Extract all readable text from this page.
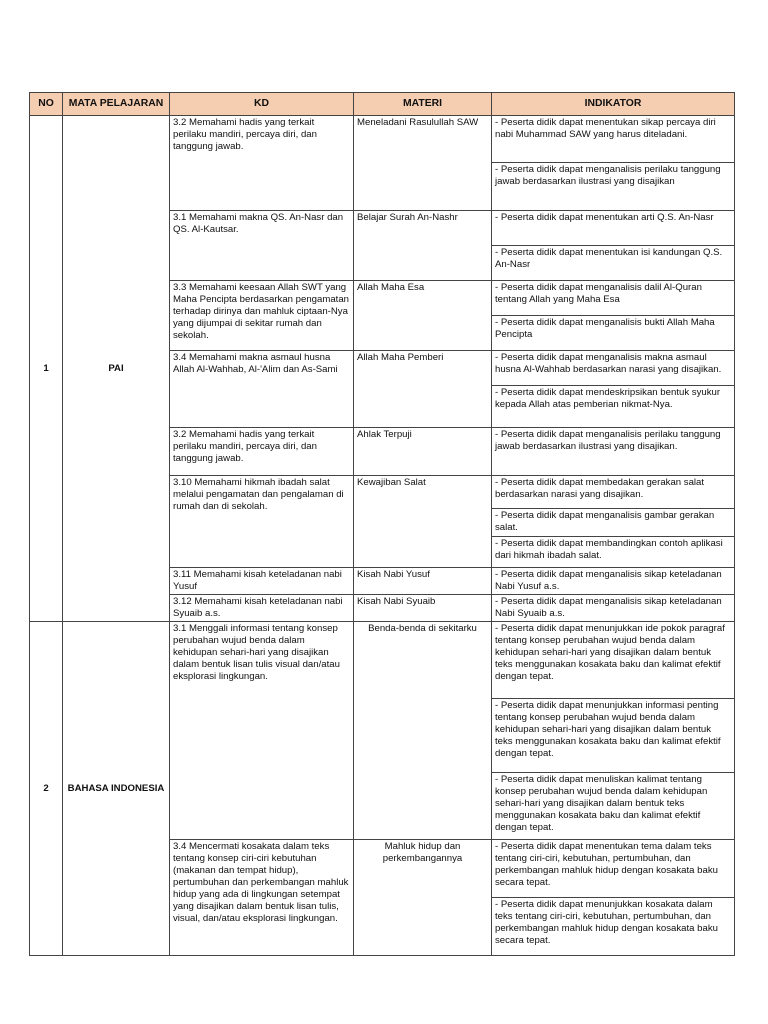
NO	MATA PELAJARAN	KD	MATERI	INDIKATOR
1	PAI	3.2 Memahami hadis yang terkait perilaku mandiri, percaya diri, dan tanggung jawab.	Meneladani Rasulullah SAW	- Peserta didik dapat menentukan sikap percaya diri nabi Muhammad SAW yang harus diteladani.
				- Peserta didik dapat menganalisis perilaku tanggung jawab berdasarkan ilustrasi yang disajikan
		3.1 Memahami makna QS. An-Nasr dan QS. Al-Kautsar.	Belajar Surah An-Nashr	- Peserta didik dapat menentukan arti Q.S. An-Nasr
				- Peserta didik dapat menentukan isi kandungan Q.S. An-Nasr
		3.3 Memahami keesaan Allah SWT yang Maha Pencipta berdasarkan pengamatan terhadap dirinya dan mahluk ciptaan-Nya yang dijumpai di sekitar rumah dan sekolah.	Allah Maha Esa	- Peserta didik dapat menganalisis dalil Al-Quran tentang Allah yang Maha Esa
				- Peserta didik dapat menganalisis bukti Allah Maha Pencipta
		3.4 Memahami makna asmaul husna Allah Al-Wahhab, Al-'Alim dan As-Sami	Allah Maha Pemberi	- Peserta didik dapat menganalisis makna asmaul husna Al-Wahhab berdasarkan narasi yang disajikan.
				- Peserta didik dapat mendeskripsikan bentuk syukur kepada Allah atas pemberian nikmat-Nya.
		3.2 Memahami hadis yang terkait perilaku mandiri, percaya diri, dan tanggung jawab.	Ahlak Terpuji	- Peserta didik dapat menganalisis perilaku tanggung jawab berdasarkan ilustrasi yang disajikan.
		3.10 Memahami hikmah ibadah salat melalui pengamatan dan pengalaman di rumah dan di sekolah.	Kewajiban Salat	- Peserta didik dapat membedakan gerakan salat berdasarkan narasi yang disajikan.
				- Peserta didik dapat menganalisis gambar gerakan salat.
				- Peserta didik dapat membandingkan contoh aplikasi dari hikmah ibadah salat.
		3.11 Memahami kisah keteladanan nabi Yusuf	Kisah Nabi Yusuf	- Peserta didik dapat menganalisis sikap keteladanan Nabi Yusuf a.s.
		3.12 Memahami kisah keteladanan nabi Syuaib a.s.	Kisah Nabi Syuaib	- Peserta didik dapat menganalisis sikap keteladanan Nabi Syuaib a.s.
2	BAHASA INDONESIA	3.1 Menggali informasi tentang konsep perubahan wujud benda dalam kehidupan sehari-hari yang disajikan dalam bentuk lisan tulis visual dan/atau eksplorasi lingkungan.	Benda-benda di sekitarku	- Peserta didik dapat menunjukkan ide pokok paragraf tentang konsep perubahan wujud benda dalam kehidupan sehari-hari yang disajikan dalam bentuk teks menggunakan kosakata baku dan kalimat efektif dengan tepat.
				- Peserta didik dapat menunjukkan informasi penting tentang konsep perubahan wujud benda dalam kehidupan sehari-hari yang disajikan dalam bentuk teks menggunakan kosakata baku dan kalimat efektif dengan tepat.
				- Peserta didik dapat menuliskan kalimat tentang konsep perubahan wujud benda dalam kehidupan sehari-hari yang disajikan dalam bentuk teks menggunakan kosakata baku dan kalimat efektif dengan tepat.
		3.4 Mencermati kosakata dalam teks tentang konsep ciri-ciri kebutuhan (makanan dan tempat hidup), pertumbuhan dan perkembangan mahluk hidup yang ada di lingkungan setempat yang disajikan dalam bentuk lisan tulis, visual, dan/atau eksplorasi lingkungan.	Mahluk hidup dan perkembangannya	- Peserta didik dapat menentukan tema dalam teks tentang ciri-ciri, kebutuhan, pertumbuhan, dan perkembangan mahluk hidup dengan kosakata baku secara tepat.
				- Peserta didik dapat menunjukkan kosakata dalam teks tentang ciri-ciri, kebutuhan, pertumbuhan, dan perkembangan mahluk hidup dengan kosakata baku secara tepat.
